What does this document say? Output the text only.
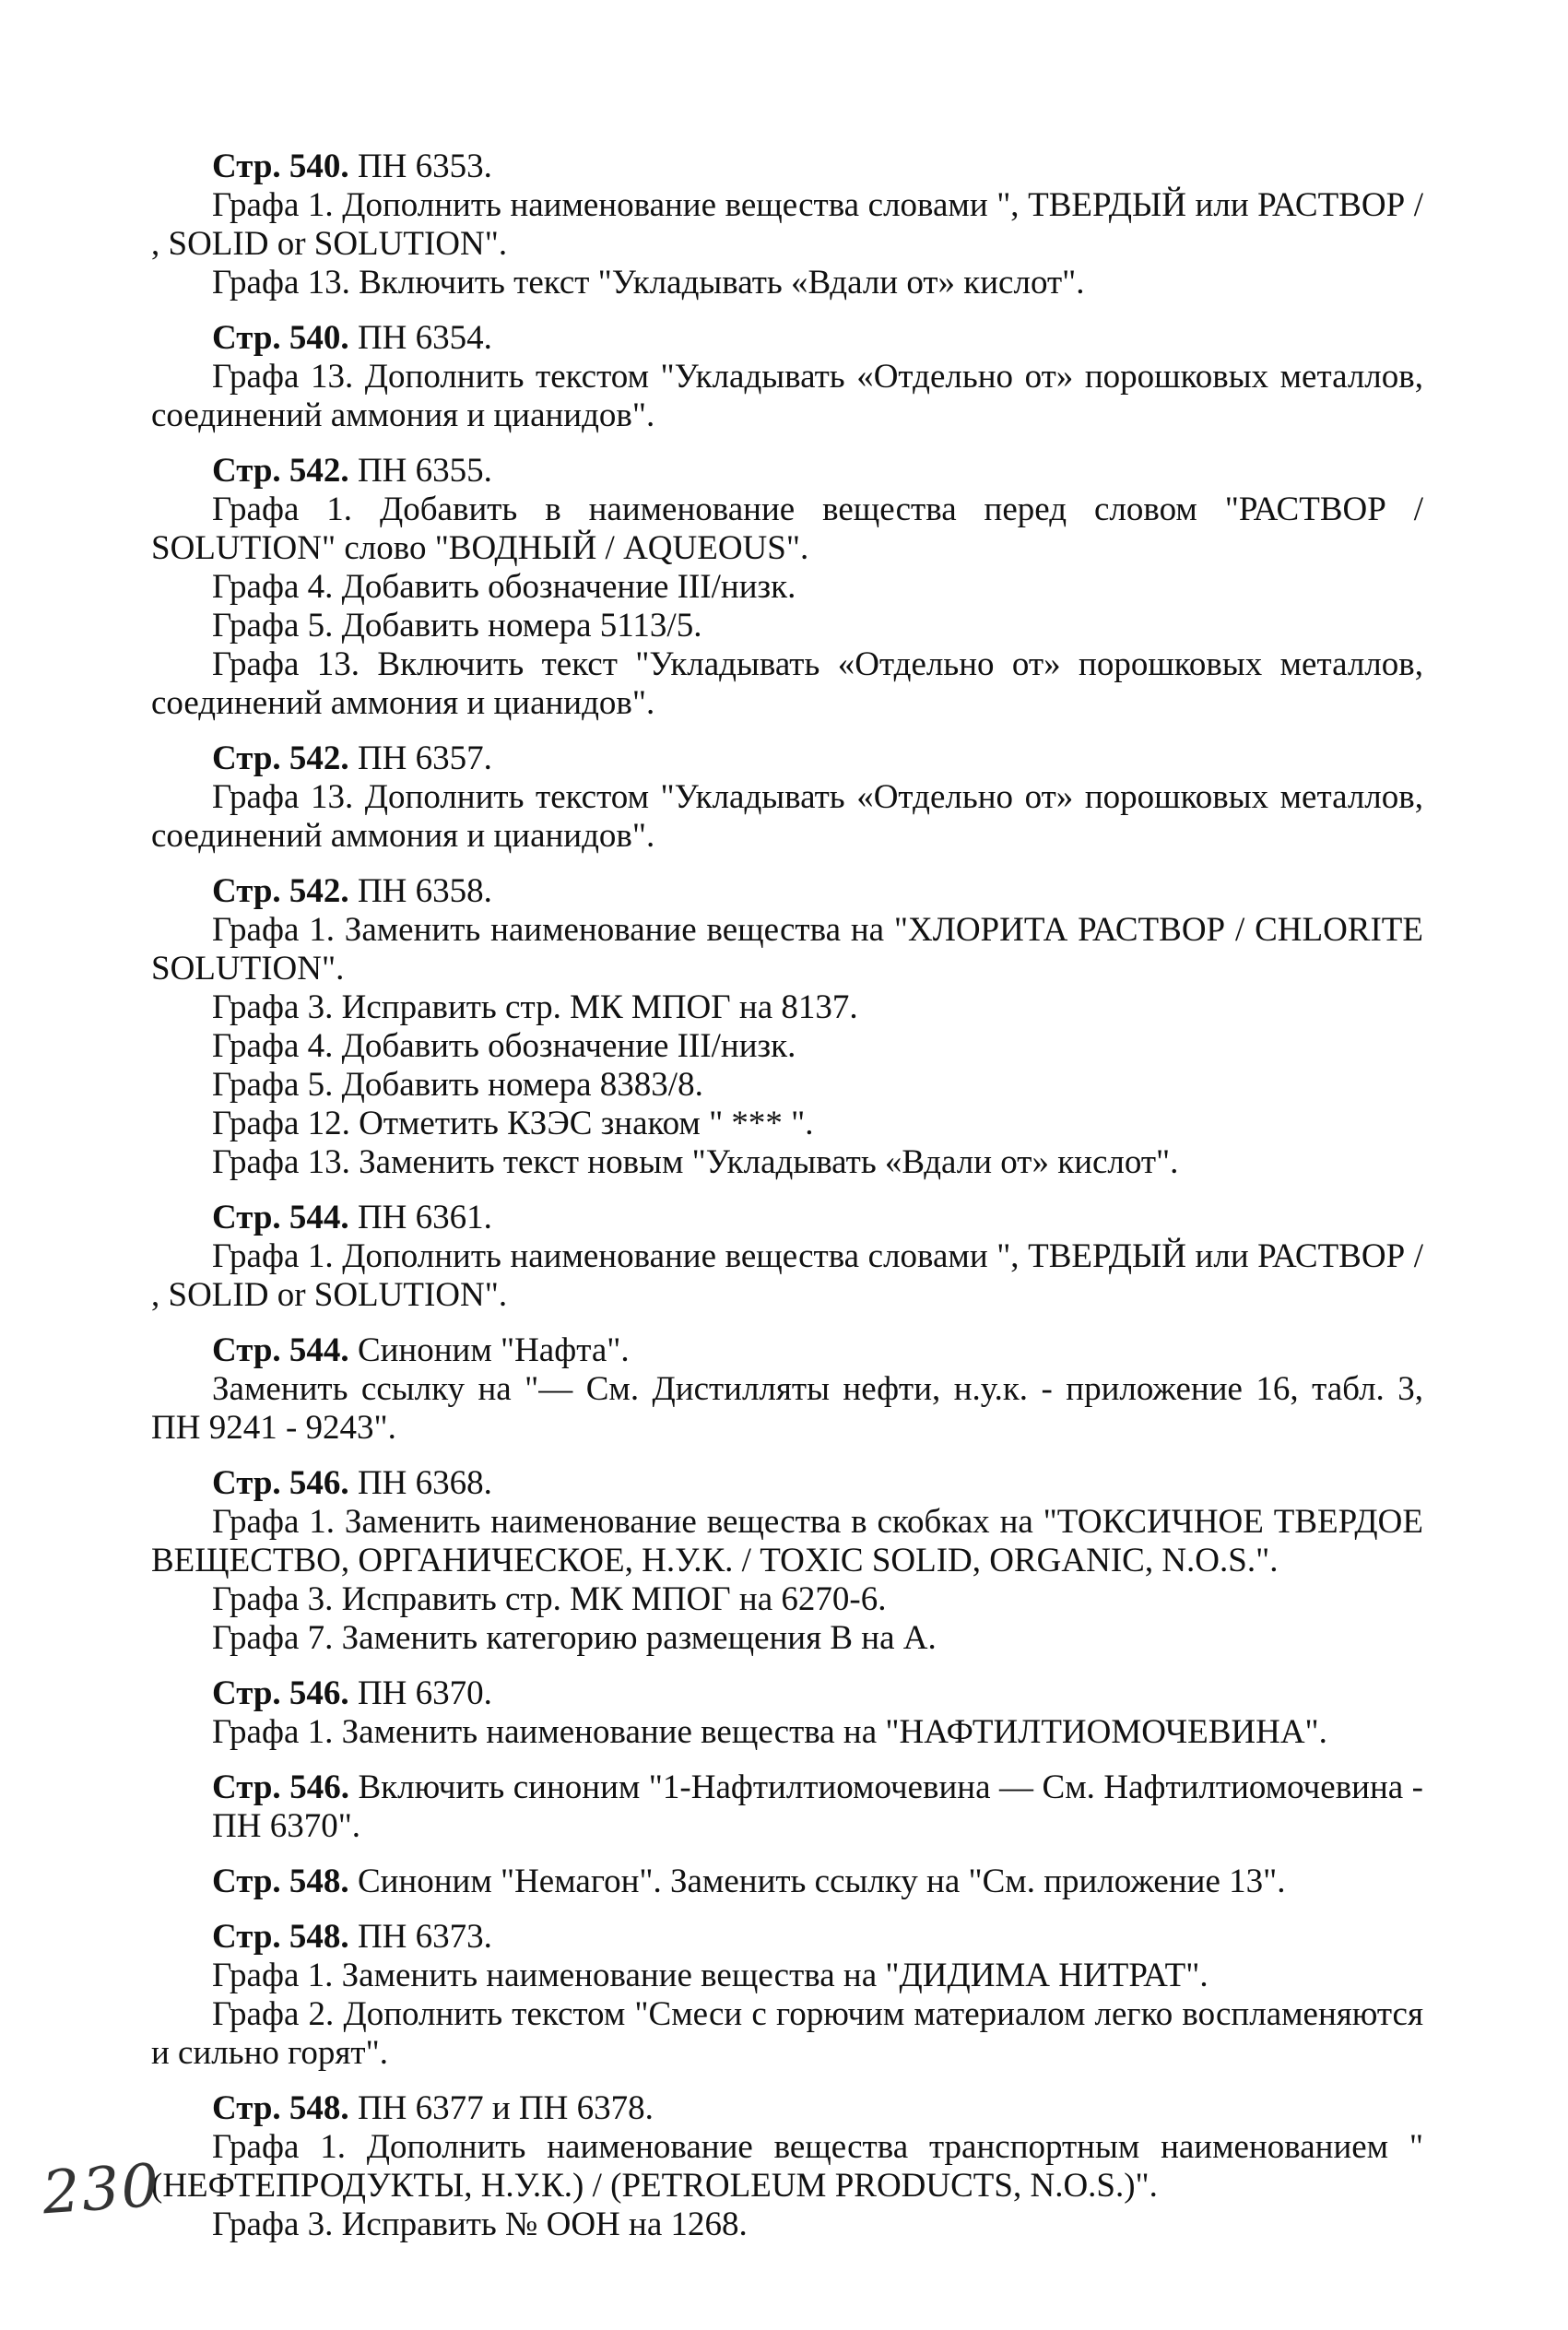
Стр. 540. ПН 6353.

Графа 1. Дополнить наименование вещества словами ", ТВЕРДЫЙ или РАСТВОР / , SOLID or SOLUTION".

Графа 13. Включить текст "Укладывать «Вдали от» кислот".

Стр. 540. ПН 6354.

Графа 13. Дополнить текстом "Укладывать «Отдельно от» порошковых металлов, соединений аммония и цианидов".

Стр. 542. ПН 6355.

Графа 1. Добавить в наименование вещества перед словом "РАСТВОР / SOLUTION" слово "ВОДНЫЙ / AQUEOUS".

Графа 4. Добавить обозначение III/низк.

Графа 5. Добавить номера 5113/5.

Графа 13. Включить текст "Укладывать «Отдельно от» порошковых металлов, соединений аммония и цианидов".

Стр. 542. ПН 6357.

Графа 13. Дополнить текстом "Укладывать «Отдельно от» порошковых металлов, соединений аммония и цианидов".

Стр. 542. ПН 6358.

Графа 1. Заменить наименование вещества на "ХЛОРИТА РАСТВОР / CHLORITE SOLUTION".

Графа 3. Исправить стр. МК МПОГ на 8137.

Графа 4. Добавить обозначение III/низк.

Графа 5. Добавить номера 8383/8.

Графа 12. Отметить КЗЭС знаком " *** ".

Графа 13. Заменить текст новым "Укладывать «Вдали от» кислот".

Стр. 544. ПН 6361.

Графа 1. Дополнить наименование вещества словами ", ТВЕРДЫЙ или РАСТВОР / , SOLID or SOLUTION".

Стр. 544. Синоним "Нафта".

Заменить ссылку на "— См. Дистилляты нефти, н.у.к. - приложение 16, табл. 3, ПН 9241 - 9243".

Стр. 546. ПН 6368.

Графа 1. Заменить наименование вещества в скобках на "ТОКСИЧНОЕ ТВЕРДОЕ ВЕЩЕСТВО, ОРГАНИЧЕСКОЕ, Н.У.К. / TOXIC SOLID, ORGANIC, N.O.S.".

Графа 3. Исправить стр. МК МПОГ на 6270-6.

Графа 7. Заменить категорию размещения В на А.

Стр. 546. ПН 6370.

Графа 1. Заменить наименование вещества на "НАФТИЛТИОМОЧЕВИНА".

Стр. 546. Включить синоним "1-Нафтилтиомочевина — См. Нафтилтиомочевина - ПН 6370".

Стр. 548. Синоним "Немагон". Заменить ссылку на "См. приложение 13".

Стр. 548. ПН 6373.

Графа 1. Заменить наименование вещества на "ДИДИМА НИТРАТ".

Графа 2. Дополнить текстом "Смеси с горючим материалом легко воспламеняются и сильно горят".

Стр. 548. ПН 6377 и ПН 6378.

Графа 1. Дополнить наименование вещества транспортным наименованием "(НЕФТЕПРОДУКТЫ, Н.У.К.) / (PETROLEUM PRODUCTS, N.O.S.)".

Графа 3. Исправить № ООН на 1268.

230
